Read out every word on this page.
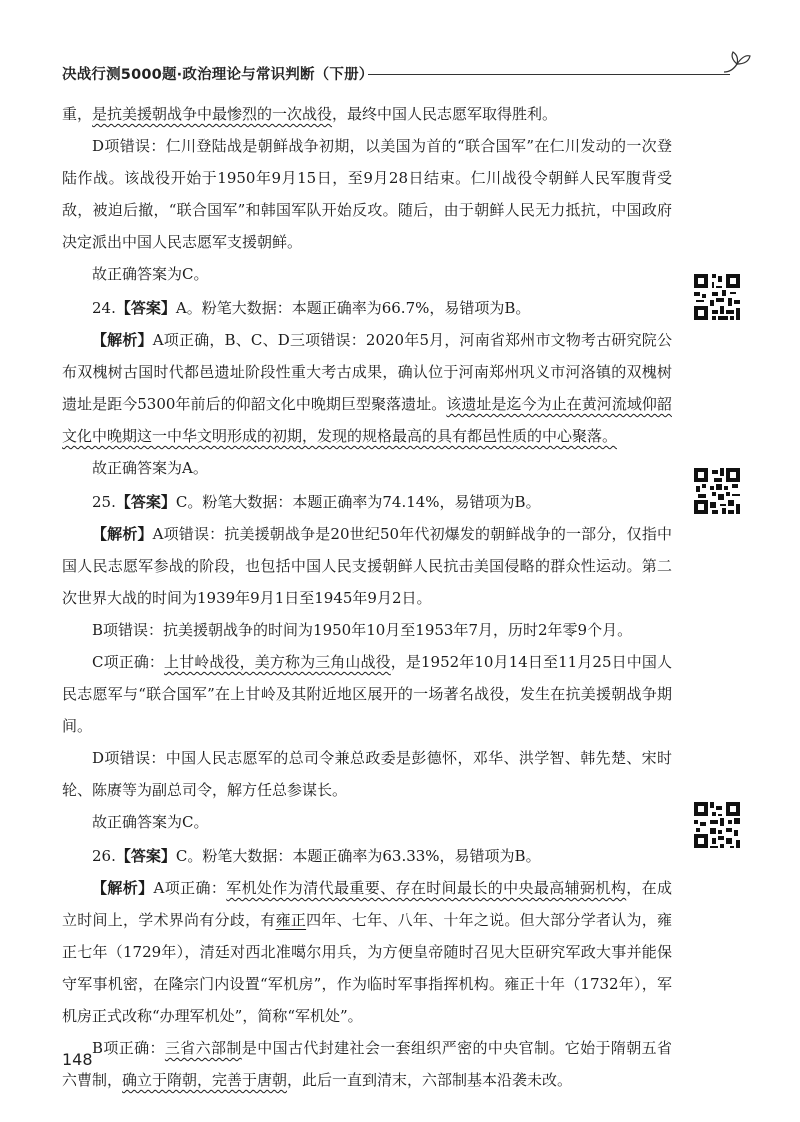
决战行测5000题·政治理论与常识判断（下册）

重，是抗美援朝战争中最惨烈的一次战役，最终中国人民志愿军取得胜利。

D项错误：仁川登陆战是朝鲜战争初期，以美国为首的“联合国军”在仁川发动的一次登陆作战。该战役开始于1950年9月15日，至9月28日结束。仁川战役令朝鲜人民军腹背受敌，被迫后撤，“联合国军”和韩国军队开始反攻。随后，由于朝鲜人民无力抵抗，中国政府决定派出中国人民志愿军支援朝鲜。

故正确答案为C。

24.【答案】A。粉笔大数据：本题正确率为66.7%，易错项为B。

【解析】A项正确，B、C、D三项错误：2020年5月，河南省郑州市文物考古研究院公布双槐树古国时代都邑遗址阶段性重大考古成果，确认位于河南郑州巩义市河洛镇的双槐树遗址是距今5300年前后的仰韶文化中晚期巨型聚落遗址。该遗址是迄今为止在黄河流域仰韶文化中晚期这一中华文明形成的初期，发现的规格最高的具有都邑性质的中心聚落。

故正确答案为A。

25.【答案】C。粉笔大数据：本题正确率为74.14%，易错项为B。

【解析】A项错误：抗美援朝战争是20世纪50年代初爆发的朝鲜战争的一部分，仅指中国人民志愿军参战的阶段，也包括中国人民支援朝鲜人民抗击美国侵略的群众性运动。第二次世界大战的时间为1939年9月1日至1945年9月2日。

B项错误：抗美援朝战争的时间为1950年10月至1953年7月，历时2年零9个月。

C项正确：上甘岭战役，美方称为三角山战役，是1952年10月14日至11月25日中国人民志愿军与“联合国军”在上甘岭及其附近地区展开的一场著名战役，发生在抗美援朝战争期间。

D项错误：中国人民志愿军的总司令兼总政委是彭德怀，邓华、洪学智、韩先楚、宋时轮、陈赓等为副总司令，解方任总参谋长。

故正确答案为C。

26.【答案】C。粉笔大数据：本题正确率为63.33%，易错项为B。

【解析】A项正确：军机处作为清代最重要、存在时间最长的中央最高辅弼机构，在成立时间上，学术界尚有分歧，有雍正四年、七年、八年、十年之说。但大部分学者认为，雍正七年（1729年），清廷对西北准噶尔用兵，为方便皇帝随时召见大臣研究军政大事并能保守军事机密，在隆宗门内设置“军机房”，作为临时军事指挥机构。雍正十年（1732年），军机房正式改称“办理军机处”，简称“军机处”。

B项正确：三省六部制是中国古代封建社会一套组织严密的中央官制。它始于隋朝五省六曹制，确立于隋朝，完善于唐朝，此后一直到清末，六部制基本沿袭未改。

148
